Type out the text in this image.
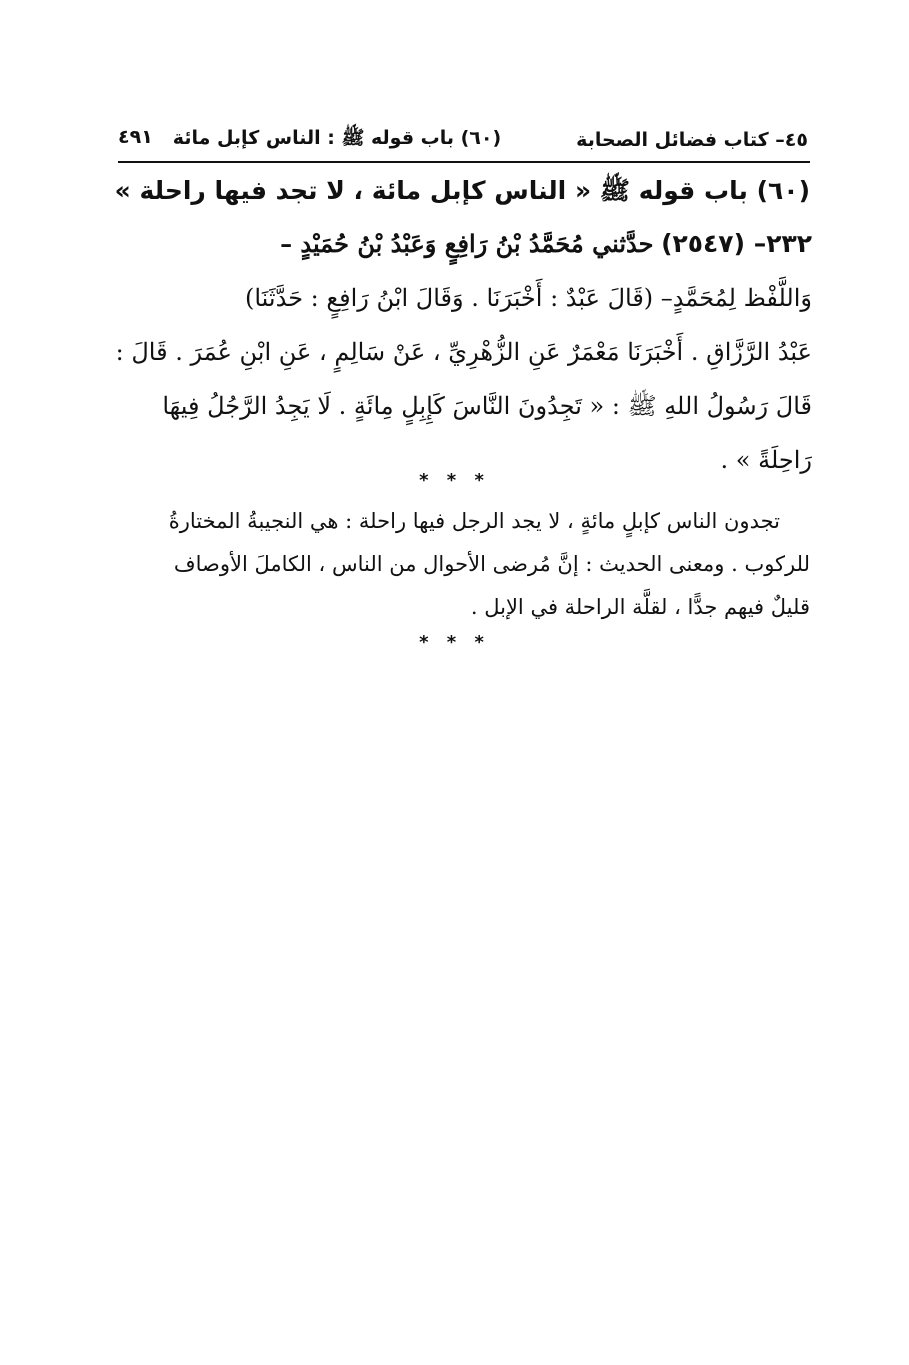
٤٥– كتاب فضائل الصحابة
(٦٠) باب قوله ﷺ : الناس كإبل مائة
٤٩١
(٦٠) باب قوله ﷺ « الناس كإبل مائة ، لا تجد فيها راحلة »
٢٣٢– (٢٥٤٧) حدَّثني مُحَمَّدُ بْنُ رَافِعٍ وَعَبْدُ بْنُ حُمَيْدٍ –
وَاللَّفْظ لِمُحَمَّدٍ– (قَالَ عَبْدٌ : أَخْبَرَنَا . وَقَالَ ابْنُ رَافِعٍ : حَدَّثَنَا)
عَبْدُ الرَّزَّاقِ . أَخْبَرَنَا مَعْمَرٌ عَنِ الزُّهْرِيِّ ، عَنْ سَالِمٍ ، عَنِ ابْنِ عُمَرَ . قَالَ :
قَالَ رَسُولُ اللهِ ﷺ : « تَجِدُونَ النَّاسَ كَإِبِلٍ مِائَةٍ . لَا يَجِدُ الرَّجُلُ فِيهَا
رَاحِلَةً » .
* * *
تجدون الناس كإبلٍ مائةٍ ، لا يجد الرجل فيها راحلة : هي النجيبةُ المختارةُ
للركوب . ومعنى الحديث : إنَّ مُرضى الأحوال من الناس ، الكاملَ الأوصاف
قليلٌ فيهم جدًّا ، لقلَّة الراحلة في الإبل .
* * *
